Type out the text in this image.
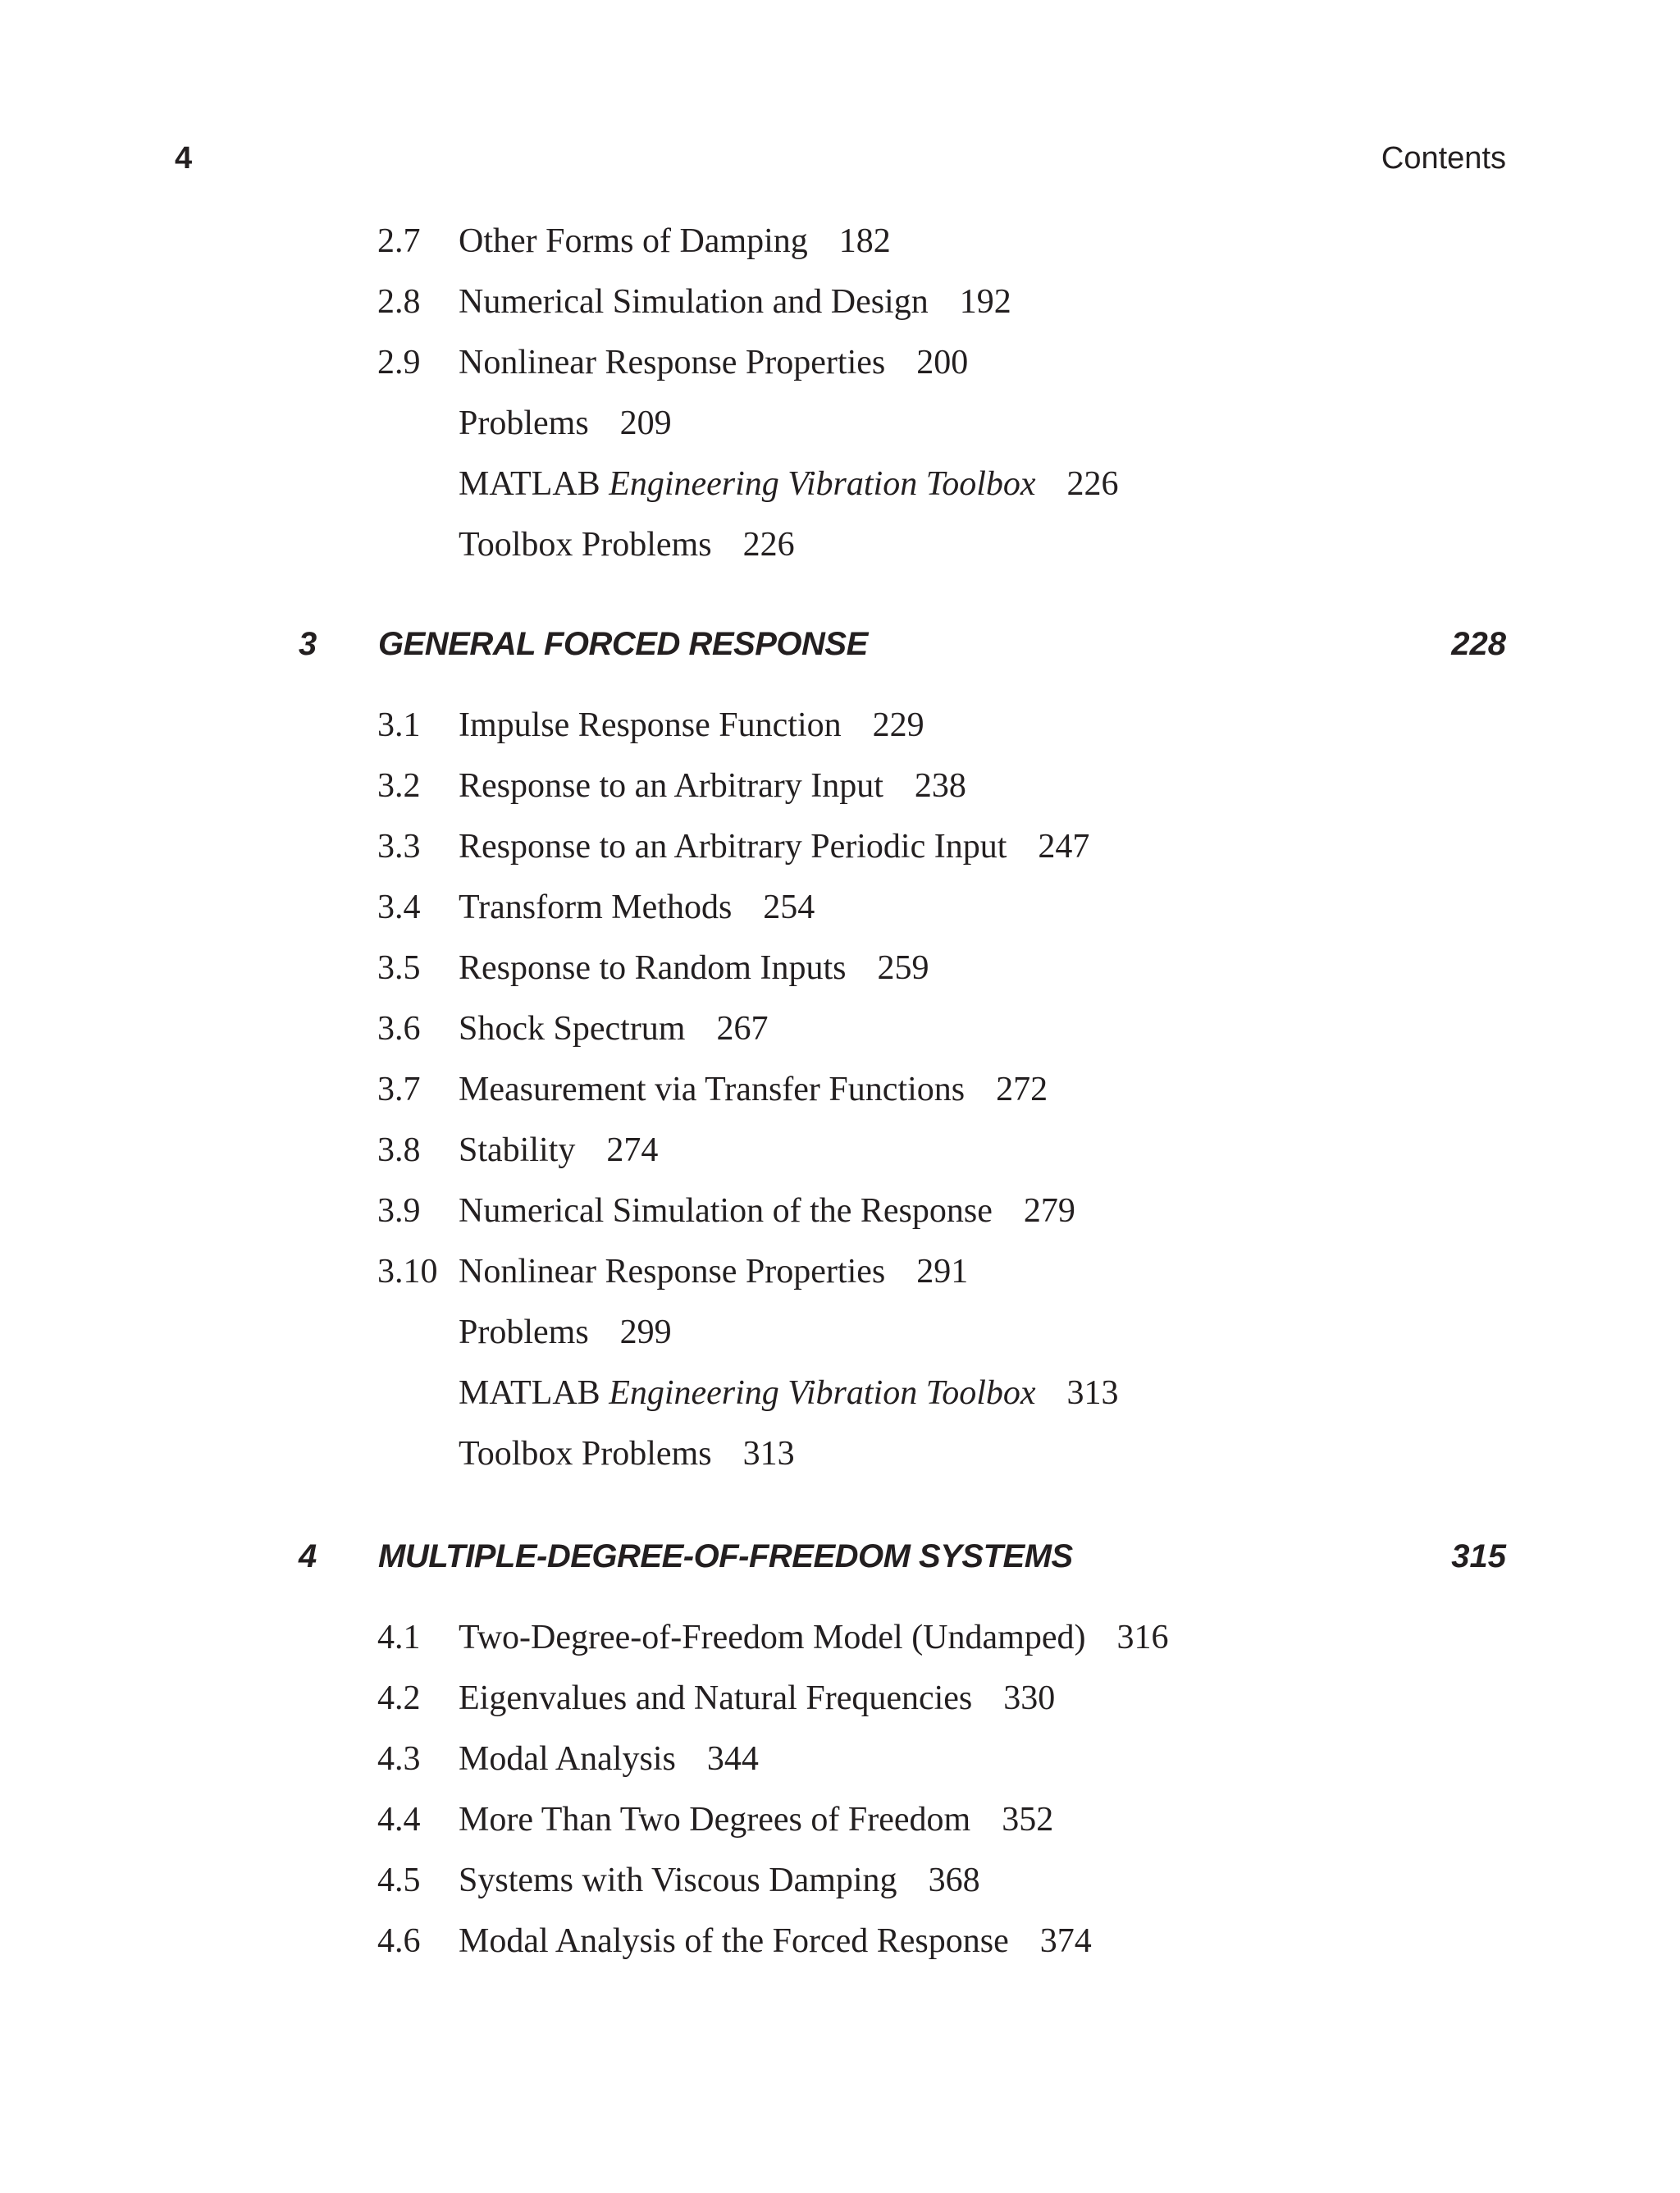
4	Contents
2.7 Other Forms of Damping 182
2.8 Numerical Simulation and Design 192
2.9 Nonlinear Response Properties 200
Problems 209
MATLAB Engineering Vibration Toolbox 226
Toolbox Problems 226
3 GENERAL FORCED RESPONSE	228
3.1 Impulse Response Function 229
3.2 Response to an Arbitrary Input 238
3.3 Response to an Arbitrary Periodic Input 247
3.4 Transform Methods 254
3.5 Response to Random Inputs 259
3.6 Shock Spectrum 267
3.7 Measurement via Transfer Functions 272
3.8 Stability 274
3.9 Numerical Simulation of the Response 279
3.10 Nonlinear Response Properties 291
Problems 299
MATLAB Engineering Vibration Toolbox 313
Toolbox Problems 313
4 MULTIPLE-DEGREE-OF-FREEDOM SYSTEMS	315
4.1 Two-Degree-of-Freedom Model (Undamped) 316
4.2 Eigenvalues and Natural Frequencies 330
4.3 Modal Analysis 344
4.4 More Than Two Degrees of Freedom 352
4.5 Systems with Viscous Damping 368
4.6 Modal Analysis of the Forced Response 374
